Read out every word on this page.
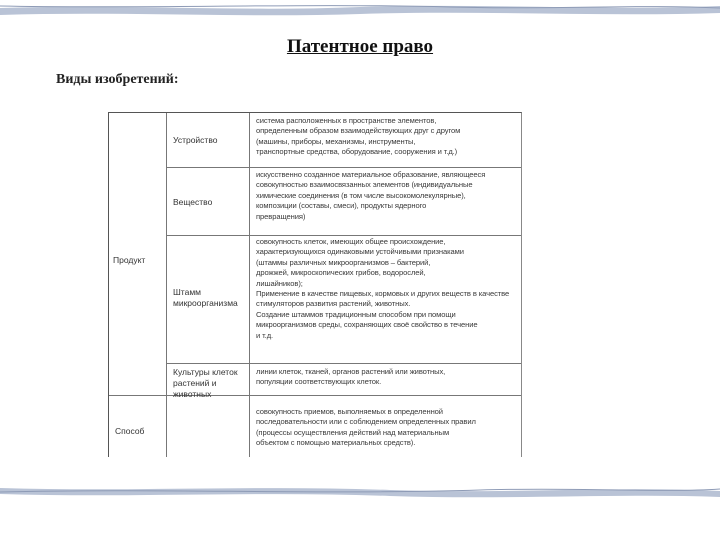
Патентное право
Виды изобретений:
Продукт
Способ
Устройство
Вещество
Штамм микроорганизма
Культуры клеток растений и животных
система расположенных в пространстве элементов,
определенным образом взаимодействующих друг с другом
(машины, приборы, механизмы, инструменты,
транспортные средства, оборудование, сооружения и т.д.)
искусственно созданное материальное образование, являющееся
совокупностью взаимосвязанных элементов (индивидуальные
химические соединения (в том числе высокомолекулярные),
композиции (составы, смеси), продукты ядерного
превращения)
совокупность клеток, имеющих общее происхождение,
характеризующихся одинаковыми устойчивыми признаками
(штаммы различных микроорганизмов – бактерий,
дрожжей, микроскопических грибов, водорослей,
лишайников);
Применение в качестве пищевых, кормовых и других веществ в качестве
стимуляторов развития растений, животных.
Создание штаммов традиционным способом при помощи
микроорганизмов среды, сохраняющих своё свойство в течение
и т.д.
линии клеток, тканей, органов растений или животных,
популяции соответствующих клеток.
совокупность приемов, выполняемых в определенной
последовательности или с соблюдением определенных правил
(процессы осуществления действий над материальным
объектом с помощью материальных средств).
